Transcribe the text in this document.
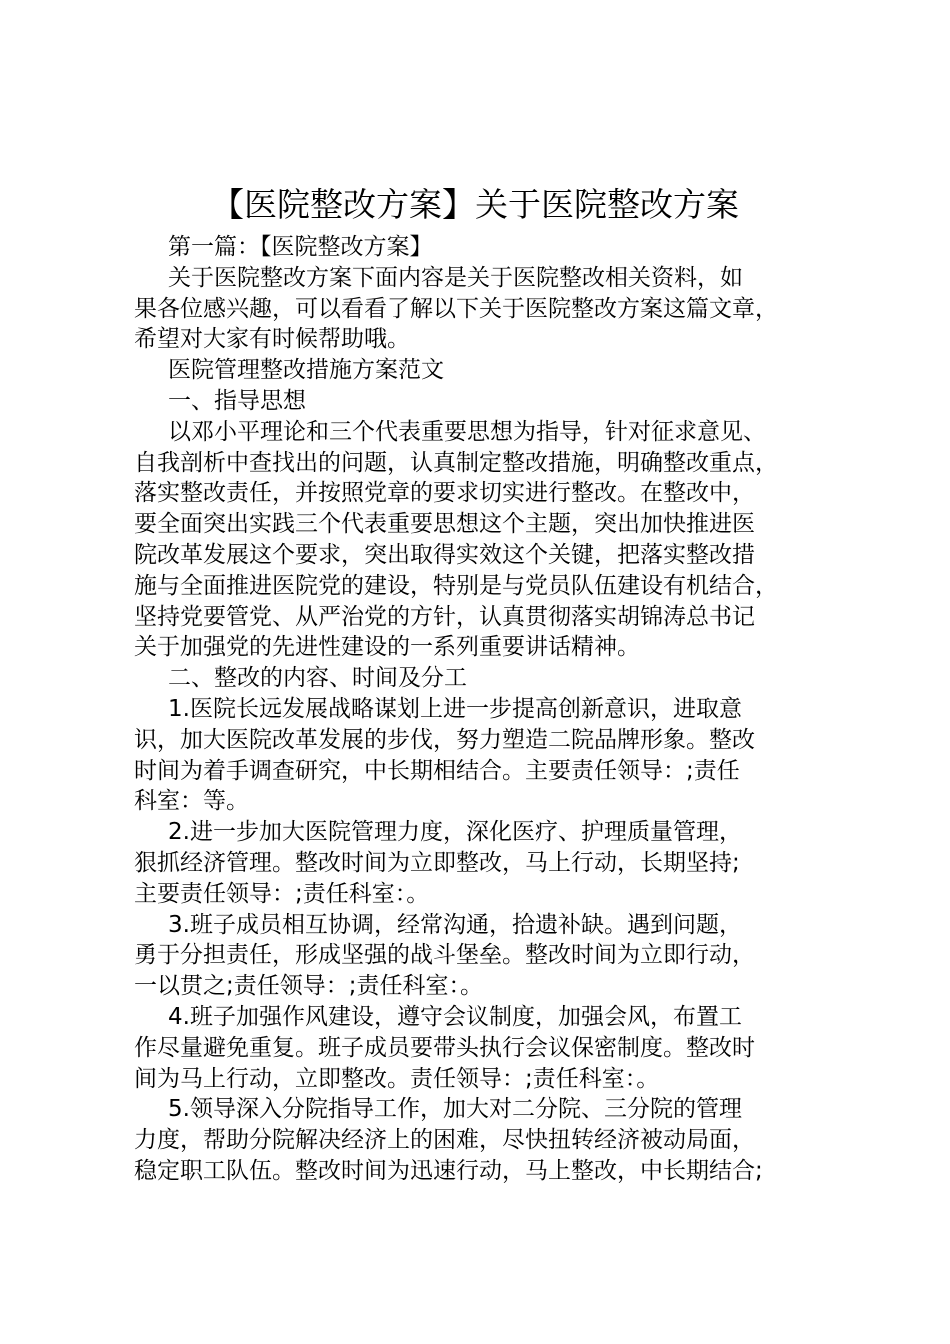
【医院整改方案】关于医院整改方案

第一篇：【医院整改方案】

关于医院整改方案下面内容是关于医院整改相关资料，如

果各位感兴趣，可以看看了解以下关于医院整改方案这篇文章，

希望对大家有时候帮助哦。

医院管理整改措施方案范文

一、指导思想

以邓小平理论和三个代表重要思想为指导，针对征求意见、

自我剖析中查找出的问题，认真制定整改措施，明确整改重点，

落实整改责任，并按照党章的要求切实进行整改。在整改中，

要全面突出实践三个代表重要思想这个主题，突出加快推进医

院改革发展这个要求，突出取得实效这个关键，把落实整改措

施与全面推进医院党的建设，特别是与党员队伍建设有机结合，

坚持党要管党、从严治党的方针，认真贯彻落实胡锦涛总书记

关于加强党的先进性建设的一系列重要讲话精神。

二、整改的内容、时间及分工

1.医院长远发展战略谋划上进一步提高创新意识，进取意

识，加大医院改革发展的步伐，努力塑造二院品牌形象。整改

时间为着手调查研究，中长期相结合。主要责任领导：;责任

科室：等。

2.进一步加大医院管理力度，深化医疗、护理质量管理，

狠抓经济管理。整改时间为立即整改，马上行动，长期坚持;

主要责任领导：;责任科室：。

3.班子成员相互协调，经常沟通，拾遗补缺。遇到问题，

勇于分担责任，形成坚强的战斗堡垒。整改时间为立即行动，

一以贯之;责任领导：;责任科室：。

4.班子加强作风建设，遵守会议制度，加强会风，布置工

作尽量避免重复。班子成员要带头执行会议保密制度。整改时

间为马上行动，立即整改。责任领导：;责任科室：。

5.领导深入分院指导工作，加大对二分院、三分院的管理

力度，帮助分院解决经济上的困难，尽快扭转经济被动局面，

稳定职工队伍。整改时间为迅速行动，马上整改，中长期结合;
